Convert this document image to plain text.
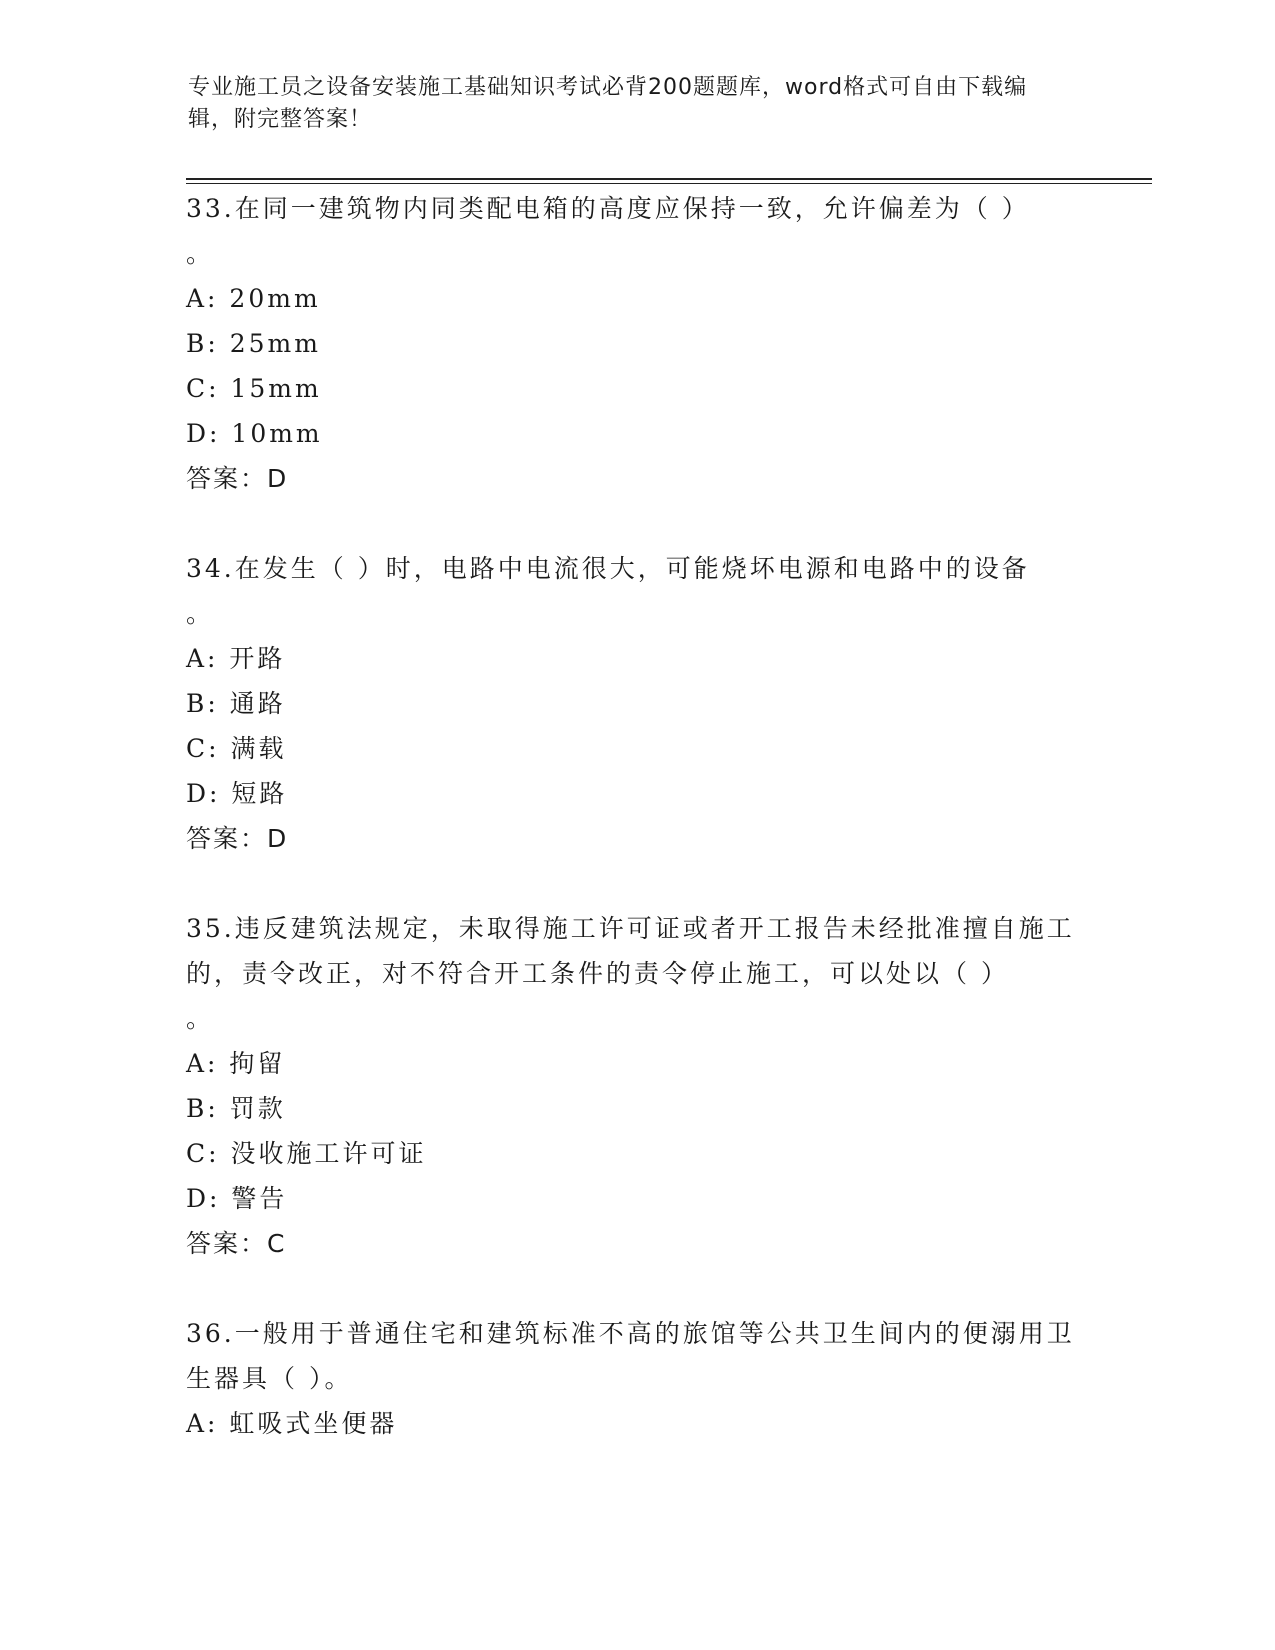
专业施工员之设备安装施工基础知识考试必背200题题库，word格式可自由下载编辑，附完整答案！
33.在同一建筑物内同类配电箱的高度应保持一致，允许偏差为（ ）
。
A: 20mm
B: 25mm
C: 15mm
D: 10mm
答案：D
34.在发生（ ）时，电路中电流很大，可能烧坏电源和电路中的设备
。
A: 开路
B: 通路
C: 满载
D: 短路
答案：D
35.违反建筑法规定，未取得施工许可证或者开工报告未经批准擅自施工的，责令改正，对不符合开工条件的责令停止施工，可以处以（ ）
。
A: 拘留
B: 罚款
C: 没收施工许可证
D: 警告
答案：C
36.一般用于普通住宅和建筑标准不高的旅馆等公共卫生间内的便溺用卫生器具（ ）。
A: 虹吸式坐便器
